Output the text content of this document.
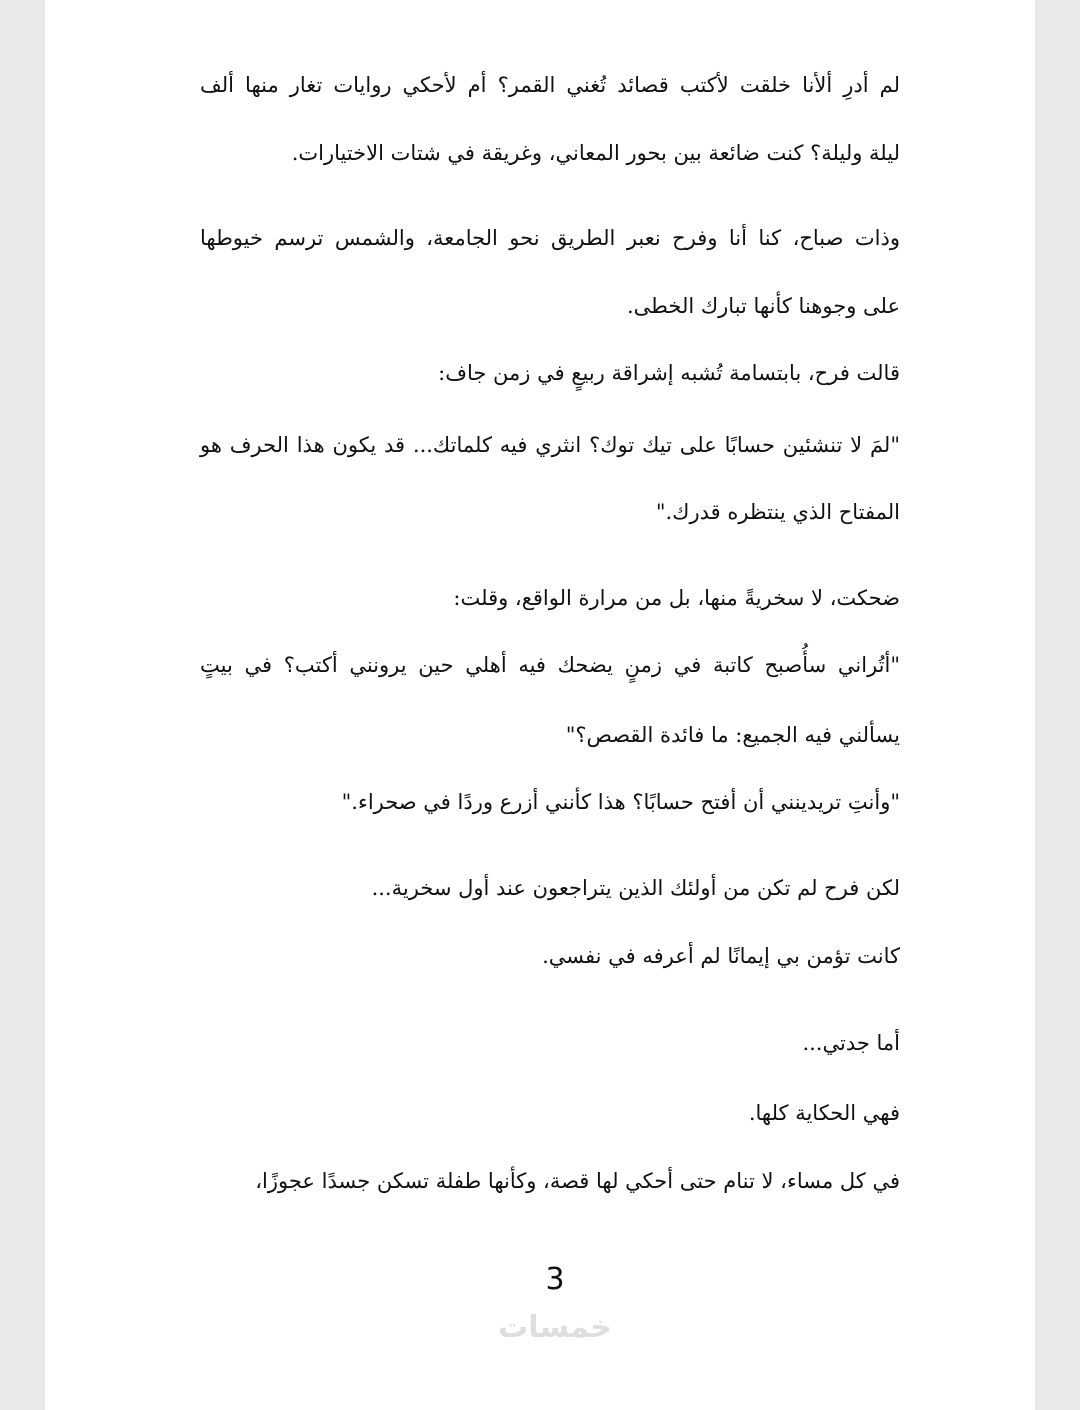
لم أدرِ ألأنا خلقت لأكتب قصائد تُغني القمر؟ أم لأحكي روايات تغار منها ألف

ليلة وليلة؟ كنت ضائعة بين بحور المعاني، وغريقة في شتات الاختيارات.

وذات صباح، كنا أنا وفرح نعبر الطريق نحو الجامعة، والشمس ترسم خيوطها

على وجوهنا كأنها تبارك الخطى.

قالت فرح، بابتسامة تُشبه إشراقة ربيعٍ في زمن جاف:

"لمَ لا تنشئين حسابًا على تيك توك؟ انثري فيه كلماتك... قد يكون هذا الحرف هو

المفتاح الذي ينتظره قدرك."

ضحكت، لا سخريةً منها، بل من مرارة الواقع، وقلت:

"أتُراني سأُصبح كاتبة في زمنٍ يضحك فيه أهلي حين يرونني أكتب؟ في بيتٍ

يسألني فيه الجميع: ما فائدة القصص؟"

"وأنتِ تريدينني أن أفتح حسابًا؟ هذا كأنني أزرع وردًا في صحراء."

لكن فرح لم تكن من أولئك الذين يتراجعون عند أول سخرية...

كانت تؤمن بي إيمانًا لم أعرفه في نفسي.

أما جدتي...

فهي الحكاية كلها.

في كل مساء، لا تنام حتى أحكي لها قصة، وكأنها طفلة تسكن جسدًا عجوزًا،

3
خمسات
